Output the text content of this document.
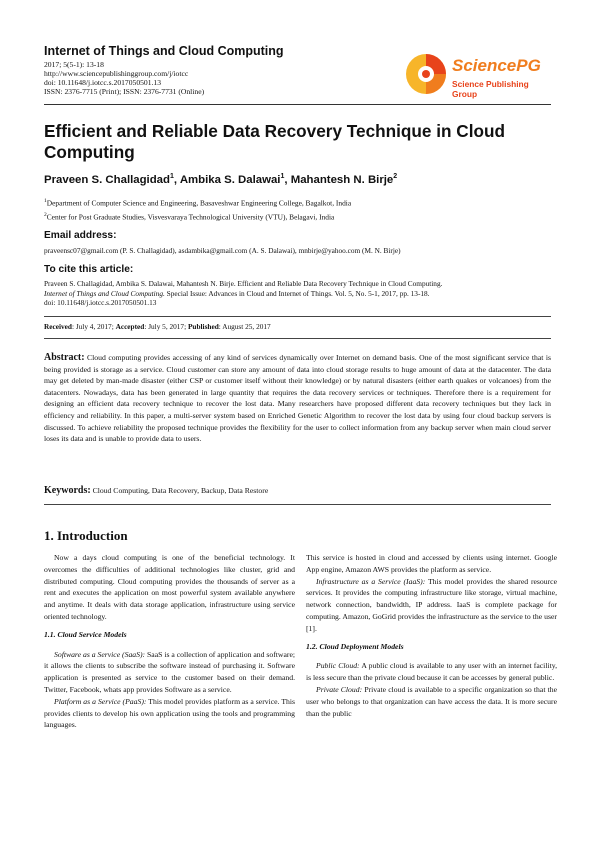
Internet of Things and Cloud Computing
2017; 5(5-1): 13-18
http://www.sciencepublishinggroup.com/j/iotcc
doi: 10.11648/j.iotcc.s.2017050501.13
ISSN: 2376-7715 (Print); ISSN: 2376-7731 (Online)
SciencePG
Science Publishing Group
Efficient and Reliable Data Recovery Technique in Cloud Computing
Praveen S. Challagidad$^1$, Ambika S. Dalawai$^1$, Mahantesh N. Birje$^2$
$^1$Department of Computer Science and Engineering, Basaveshwar Engineering College, Bagalkot, India
$^2$Center for Post Graduate Studies, Visvesvaraya Technological University (VTU), Belagavi, India
Email address:
praveensc07@gmail.com (P. S. Challagidad), asdambika@gmail.com (A. S. Dalawai), mnbirje@yahoo.com (M. N. Birje)
To cite this article:
Praveen S. Challagidad, Ambika S. Dalawai, Mahantesh N. Birje. Efficient and Reliable Data Recovery Technique in Cloud Computing.
Internet of Things and Cloud Computing. Special Issue: Advances in Cloud and Internet of Things. Vol. 5, No. 5-1, 2017, pp. 13-18.
doi: 10.11648/j.iotcc.s.2017050501.13
Received: July 4, 2017; Accepted: July 5, 2017; Published: August 25, 2017
Abstract: Cloud computing provides accessing of any kind of services dynamically over Internet on demand basis. One of the most significant service that is being provided is storage as a service. Cloud customer can store any amount of data into cloud storage results to huge amount of data at the datacenter. The data may get deleted by man-made disaster (either CSP or customer itself without their knowledge) or by natural disasters (either earth quakes or volcanoes) from the datacenters. Nowadays, data has been generated in large quantity that requires the data recovery services or techniques. Therefore there is a requirement for designing an efficient data recovery technique to recover the lost data. Many researchers have proposed different data recovery techniques but they lack in efficiency and reliability. In this paper, a multi-server system based on Enriched Genetic Algorithm to recover the lost data by using four cloud backup servers is discussed. To achieve reliability the proposed technique provides the flexibility for the user to collect information from any backup server when main cloud server loses its data and is unable to provide data to users.
Keywords: Cloud Computing, Data Recovery, Backup, Data Restore
1. Introduction

Now a days cloud computing is one of the beneficial technology. It overcomes the difficulties of additional technologies like cluster, grid and distributed computing. Cloud computing provides the thousands of server as a rent and executes the application on most powerful system available anywhere and anytime. It deals with data storage application, infrastructure using service oriented technology.

1.1. Cloud Service Models

Software as a Service (SaaS): SaaS is a collection of application and software; it allows the clients to subscribe the software instead of purchasing it. Software application is presented as service to the customer based on their demand. Twitter, Facebook, whats app provides Software as a service.

Platform as a Service (PaaS): This model provides platform as a service. This provides clients to develop his own application using the tools and programming languages.

This service is hosted in cloud and accessed by clients using internet. Google App engine, Amazon AWS provides the platform as service.

Infrastructure as a Service (IaaS): This model provides the shared resource services. It provides the computing infrastructure like storage, virtual machine, network connection, bandwidth, IP address. IaaS is complete package for computing. Amazon, GoGrid provides the infrastructure as the service to the user [1].

1.2. Cloud Deployment Models

Public Cloud: A public cloud is available to any user with an internet facility, is less secure than the private cloud because it can be accesses by general public.

Private Cloud: Private cloud is available to a specific organization so that the user who belongs to that organization can have access the data. It is more secure than the public
